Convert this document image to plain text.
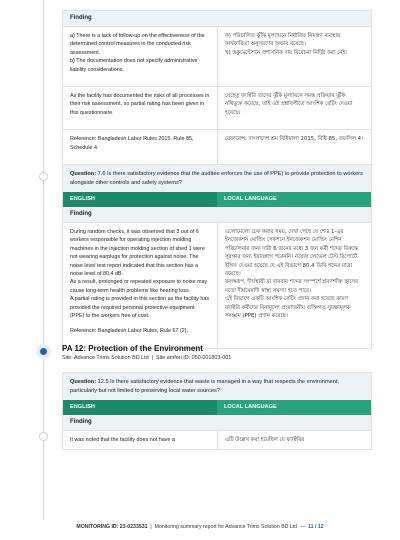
Finding
a) There is a lack of follow-up on the effectiveness of the determined control measures in the conducted risk assessment.
b) The documentation does not specify administrative liability considerations.
ক) পরিচালিত ঝুঁকি মূল্যায়নে নির্ধারিত নিয়ন্ত্রণ ব্যবস্থার কার্যকারিতা অনুসরণের অভাব রয়েছে।
খ) ডকুমেন্টেশনে প্রশাসনিক দায় বিবেচনা নির্দিষ্ট করা নেই।
As the facility has documented the risks of all processes in their risk assessment, so partial rating has been given in this questionnaire.
যেহেতু ফ্যাক্টরি তাদের ঝুঁকি মূল্যায়নে সমস্ত প্রক্রিয়ার ঝুঁকি নথিভুক্ত করেছে, তাই এই প্রশ্নাবলীতে আংশিক রেটিং দেওয়া হয়েছে।
Reference: Bangladesh Labor Rules 2015, Rule 85, Schedule 4.
রেফারেন্স: বাংলাদেশ শ্রম বিধিমালা 2015, বিধি 85, তফসিল 4।
Question: 7.6 Is there satisfactory evidence that the auditee enforces the use of PPE) to provide protection to workers alongside other controls and safety systems?
ENGLISH	LOCAL LANGUAGE
Finding
During random checks, it was observed that 3 out of 6 workers responsible for operating injection molding machines in the injection molding section of shed 1 were not wearing earplugs for protection against noise. The noise level test report indicated that this section has a noise level of 80.4 dB.
As a result, prolonged or repeated exposure to noise may cause long-term health problems like hearing loss.
A partial rating is provided in this section as the facility has provided the required personal protective equipment (PPE) to the workers free of cost.
Reference: Bangladesh Labor Rules, Rule 67 (2).
এলোমেলো চেক করার সময়, দেখা গেছে যে শেড 1-এর ইনজেকশন মোল্ডিং সেকশনে ইনজেকশন মোল্ডিং মেশিন পরিচালনার জন্য দায়ী 6 জনের মধ্যে 3 জন কর্মী শব্দের বিরুদ্ধে সুরক্ষার জন্য ইয়ারপ্লাগ পরেননি। নয়েজ লেভেল টেস্ট রিপোর্টে ইঙ্গিত দেওয়া হয়েছে যে এই বিভাগে 80.4 ডিবি শব্দের মাত্রা রয়েছে।
ফলস্বরূপ, দীর্ঘস্থায়ী বা বারবার শব্দের সংস্পর্শে শ্রবণশক্তি হ্রাসের মতো দীর্ঘমেয়াদী স্বাস্থ্য সমস্যা হতে পারে।
এই বিভাগে একটি আংশিক রেটিং প্রদান করা হয়েছে কারণ ফ্যাক্টরি কর্মীদের বিনামূল্যে প্রয়োজনীয় ব্যক্তিগত সুরক্ষামূলক সরঞ্জাম (PPE) প্রদান করেছে।
PA 12: Protection of the Environment
Site: Advance Trims Solution BD Ltd | Site amfori ID: 050-001803-001
Question: 12.5 Is there satisfactory evidence that waste is managed in a way that respects the environment, particularly but not limited to preserving local water sources?
ENGLISH	LOCAL LANGUAGE
Finding
It was noted that the facility does not have a	এটি উল্লেখ করা হয়েছিল যে ফ্যাক্টরির
MONITORING ID: 23-0233531 | Monitoring summary report for Advance Trims Solution BD Ltd — 11 / 12
